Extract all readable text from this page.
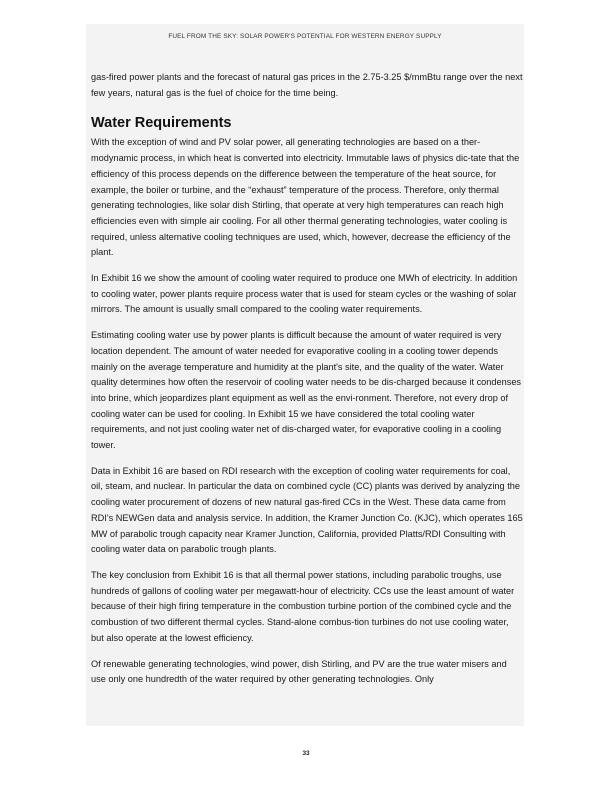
FUEL FROM THE SKY: SOLAR POWER'S POTENTIAL FOR WESTERN ENERGY SUPPLY

gas-fired power plants and the forecast of natural gas prices in the 2.75-3.25 $/mmBtu range over the next few years, natural gas is the fuel of choice for the time being.

Water Requirements

With the exception of wind and PV solar power, all generating technologies are based on a ther-modynamic process, in which heat is converted into electricity. Immutable laws of physics dic-tate that the efficiency of this process depends on the difference between the temperature of the heat source, for example, the boiler or turbine, and the “exhaust” temperature of the process. Therefore, only thermal generating technologies, like solar dish Stirling, that operate at very high temperatures can reach high efficiencies even with simple air cooling. For all other thermal generating technologies, water cooling is required, unless alternative cooling techniques are used, which, however, decrease the efficiency of the plant.

In Exhibit 16 we show the amount of cooling water required to produce one MWh of electricity. In addition to cooling water, power plants require process water that is used for steam cycles or the washing of solar mirrors. The amount is usually small compared to the cooling water requirements.

Estimating cooling water use by power plants is difficult because the amount of water required is very location dependent. The amount of water needed for evaporative cooling in a cooling tower depends mainly on the average temperature and humidity at the plant's site, and the quality of the water. Water quality determines how often the reservoir of cooling water needs to be dis-charged because it condenses into brine, which jeopardizes plant equipment as well as the envi-ronment. Therefore, not every drop of cooling water can be used for cooling. In Exhibit 15 we have considered the total cooling water requirements, and not just cooling water net of dis-charged water, for evaporative cooling in a cooling tower.

Data in Exhibit 16 are based on RDI research with the exception of cooling water requirements for coal, oil, steam, and nuclear. In particular the data on combined cycle (CC) plants was derived by analyzing the cooling water procurement of dozens of new natural gas-fired CCs in the West. These data came from RDI's NEWGen data and analysis service. In addition, the Kramer Junction Co. (KJC), which operates 165 MW of parabolic trough capacity near Kramer Junction, California, provided Platts/RDI Consulting with cooling water data on parabolic trough plants.

The key conclusion from Exhibit 16 is that all thermal power stations, including parabolic troughs, use hundreds of gallons of cooling water per megawatt-hour of electricity. CCs use the least amount of water because of their high firing temperature in the combustion turbine portion of the combined cycle and the combustion of two different thermal cycles. Stand-alone combus-tion turbines do not use cooling water, but also operate at the lowest efficiency.

Of renewable generating technologies, wind power, dish Stirling, and PV are the true water misers and use only one hundredth of the water required by other generating technologies. Only

33
